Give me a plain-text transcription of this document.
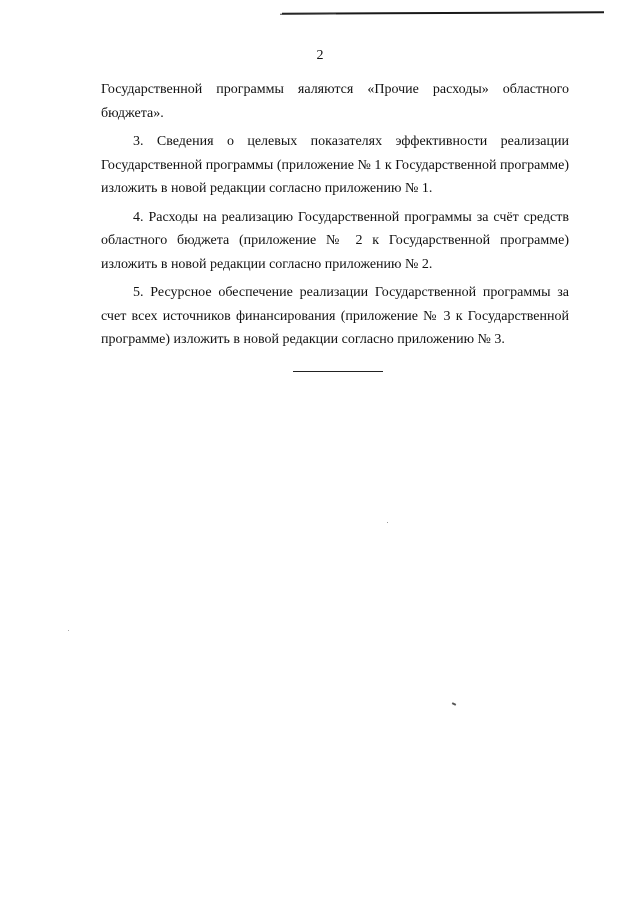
2

Государственной программы яаляются «Прочие расходы» областного бюджета».

3. Сведения о целевых показателях эффективности реализации Государственной программы (приложение № 1 к Государственной программе) изложить в новой редакции согласно приложению № 1.

4. Расходы на реализацию Государственной программы за счёт средств областного бюджета (приложение № 2 к Государственной программе) изложить в новой редакции согласно приложению № 2.

5. Ресурсное обеспечение реализации Государственной программы за счет всех источников финансирования (приложение № 3 к Государственной программе) изложить в новой редакции согласно приложению № 3.
